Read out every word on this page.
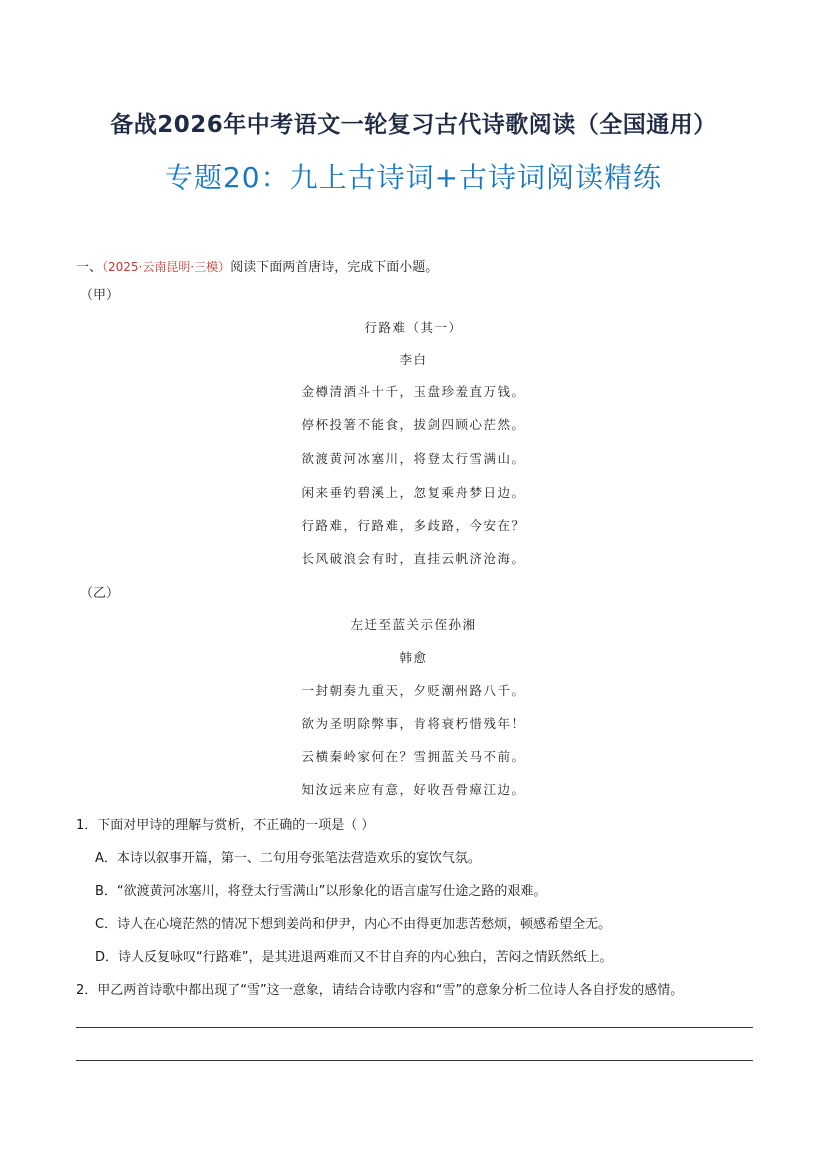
备战2026年中考语文一轮复习古代诗歌阅读（全国通用）
专题20：九上古诗词+古诗词阅读精练
一、（2025·云南昆明·三模）阅读下面两首唐诗，完成下面小题。
（甲）
行路难（其一）
李白
金樽清酒斗十千，玉盘珍羞直万钱。
停杯投箸不能食，拔剑四顾心茫然。
欲渡黄河冰塞川，将登太行雪满山。
闲来垂钓碧溪上，忽复乘舟梦日边。
行路难，行路难，多歧路，今安在？
长风破浪会有时，直挂云帆济沧海。
（乙）
左迁至蓝关示侄孙湘
韩愈
一封朝奏九重天，夕贬潮州路八千。
欲为圣明除弊事，肯将衰朽惜残年！
云横秦岭家何在？雪拥蓝关马不前。
知汝远来应有意，好收吾骨瘴江边。
1．下面对甲诗的理解与赏析，不正确的一项是（ ）
A．本诗以叙事开篇，第一、二句用夸张笔法营造欢乐的宴饮气氛。
B．“欲渡黄河冰塞川，将登太行雪满山”以形象化的语言虚写仕途之路的艰难。
C．诗人在心境茫然的情况下想到姜尚和伊尹，内心不由得更加悲苦愁烦，顿感希望全无。
D．诗人反复咏叹“行路难”，是其进退两难而又不甘自弃的内心独白，苦闷之情跃然纸上。
2．甲乙两首诗歌中都出现了“雪”这一意象，请结合诗歌内容和“雪”的意象分析二位诗人各自抒发的感情。
